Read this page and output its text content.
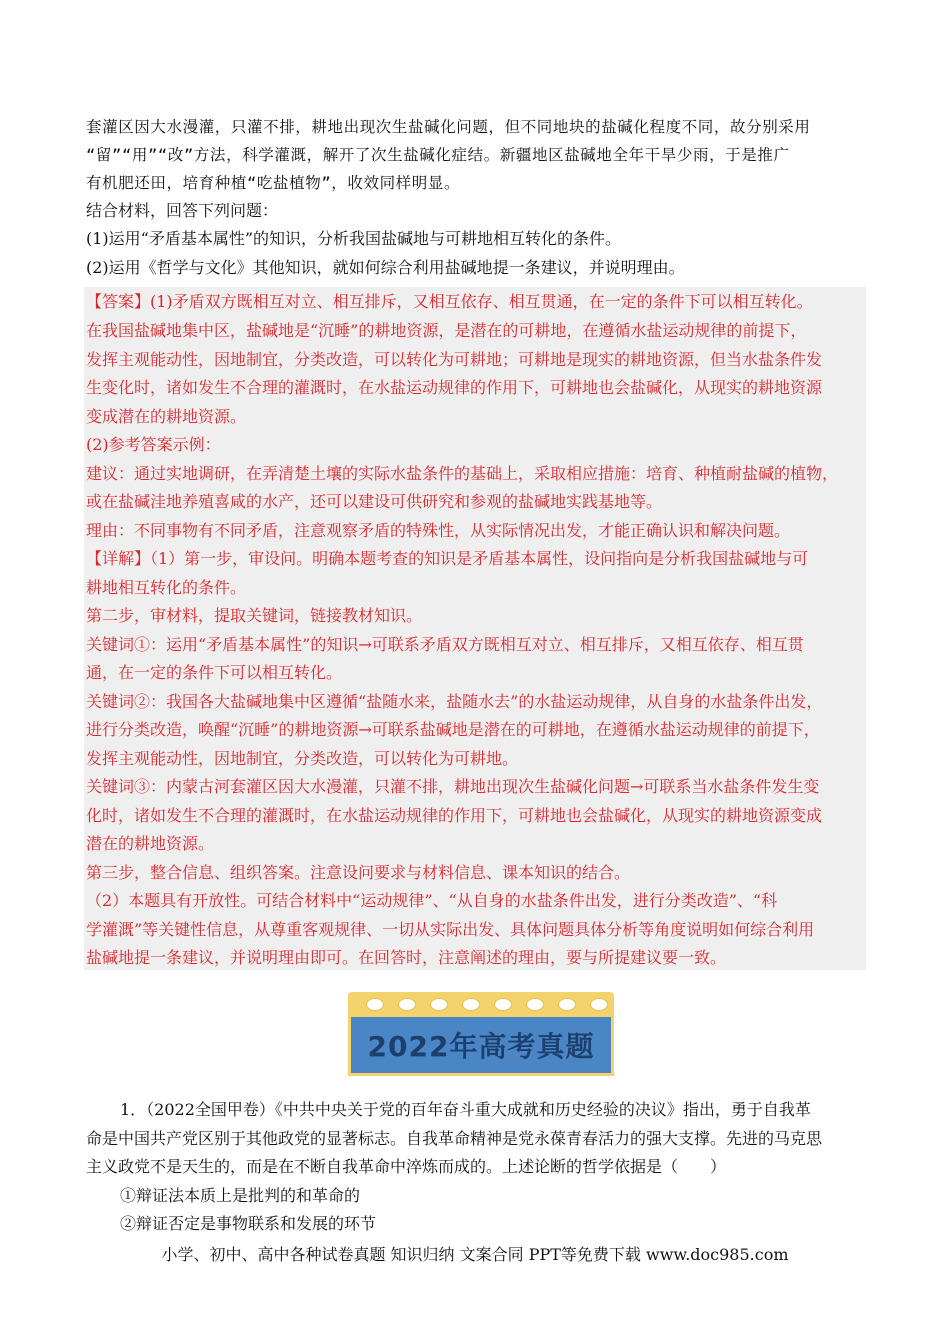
套灌区因大水漫灌，只灌不排，耕地出现次生盐碱化问题，但不同地块的盐碱化程度不同，故分别采用
“留”“用”“改”方法，科学灌溉，解开了次生盐碱化症结。新疆地区盐碱地全年干旱少雨，于是推广
有机肥还田，培育种植“吃盐植物”，收效同样明显。
结合材料，回答下列问题：
(1)运用“矛盾基本属性”的知识，分析我国盐碱地与可耕地相互转化的条件。
(2)运用《哲学与文化》其他知识，就如何综合利用盐碱地提一条建议，并说明理由。
【答案】(1)矛盾双方既相互对立、相互排斥，又相互依存、相互贯通，在一定的条件下可以相互转化。
在我国盐碱地集中区，盐碱地是“沉睡”的耕地资源，是潜在的可耕地，在遵循水盐运动规律的前提下，
发挥主观能动性，因地制宜，分类改造，可以转化为可耕地；可耕地是现实的耕地资源，但当水盐条件发
生变化时，诸如发生不合理的灌溉时，在水盐运动规律的作用下，可耕地也会盐碱化，从现实的耕地资源
变成潜在的耕地资源。
(2)参考答案示例：
建议：通过实地调研，在弄清楚土壤的实际水盐条件的基础上，采取相应措施：培育、种植耐盐碱的植物，
或在盐碱洼地养殖喜咸的水产，还可以建设可供研究和参观的盐碱地实践基地等。
理由：不同事物有不同矛盾，注意观察矛盾的特殊性，从实际情况出发，才能正确认识和解决问题。
【详解】（1）第一步，审设问。明确本题考查的知识是矛盾基本属性，设问指向是分析我国盐碱地与可
耕地相互转化的条件。
第二步，审材料，提取关键词，链接教材知识。
关键词①：运用“矛盾基本属性”的知识→可联系矛盾双方既相互对立、相互排斥，又相互依存、相互贯
通，在一定的条件下可以相互转化。
关键词②：我国各大盐碱地集中区遵循“盐随水来，盐随水去”的水盐运动规律，从自身的水盐条件出发，
进行分类改造，唤醒“沉睡”的耕地资源→可联系盐碱地是潜在的可耕地，在遵循水盐运动规律的前提下，
发挥主观能动性，因地制宜，分类改造，可以转化为可耕地。
关键词③：内蒙古河套灌区因大水漫灌，只灌不排，耕地出现次生盐碱化问题→可联系当水盐条件发生变
化时，诸如发生不合理的灌溉时，在水盐运动规律的作用下，可耕地也会盐碱化，从现实的耕地资源变成
潜在的耕地资源。
第三步，整合信息、组织答案。注意设问要求与材料信息、课本知识的结合。
（2）本题具有开放性。可结合材料中“运动规律”、“从自身的水盐条件出发，进行分类改造”、“科
学灌溉”等关键性信息，从尊重客观规律、一切从实际出发、具体问题具体分析等角度说明如何综合利用
盐碱地提一条建议，并说明理由即可。在回答时，注意阐述的理由，要与所提建议要一致。
2022年高考真题
1．（2022全国甲卷）《中共中央关于党的百年奋斗重大成就和历史经验的决议》指出，勇于自我革
命是中国共产党区别于其他政党的显著标志。自我革命精神是党永葆青春活力的强大支撑。先进的马克思
主义政党不是天生的，而是在不断自我革命中淬炼而成的。上述论断的哲学依据是（　　）
①辩证法本质上是批判的和革命的
②辩证否定是事物联系和发展的环节
小学、初中、高中各种试卷真题 知识归纳 文案合同 PPT等免费下载 www.doc985.com
